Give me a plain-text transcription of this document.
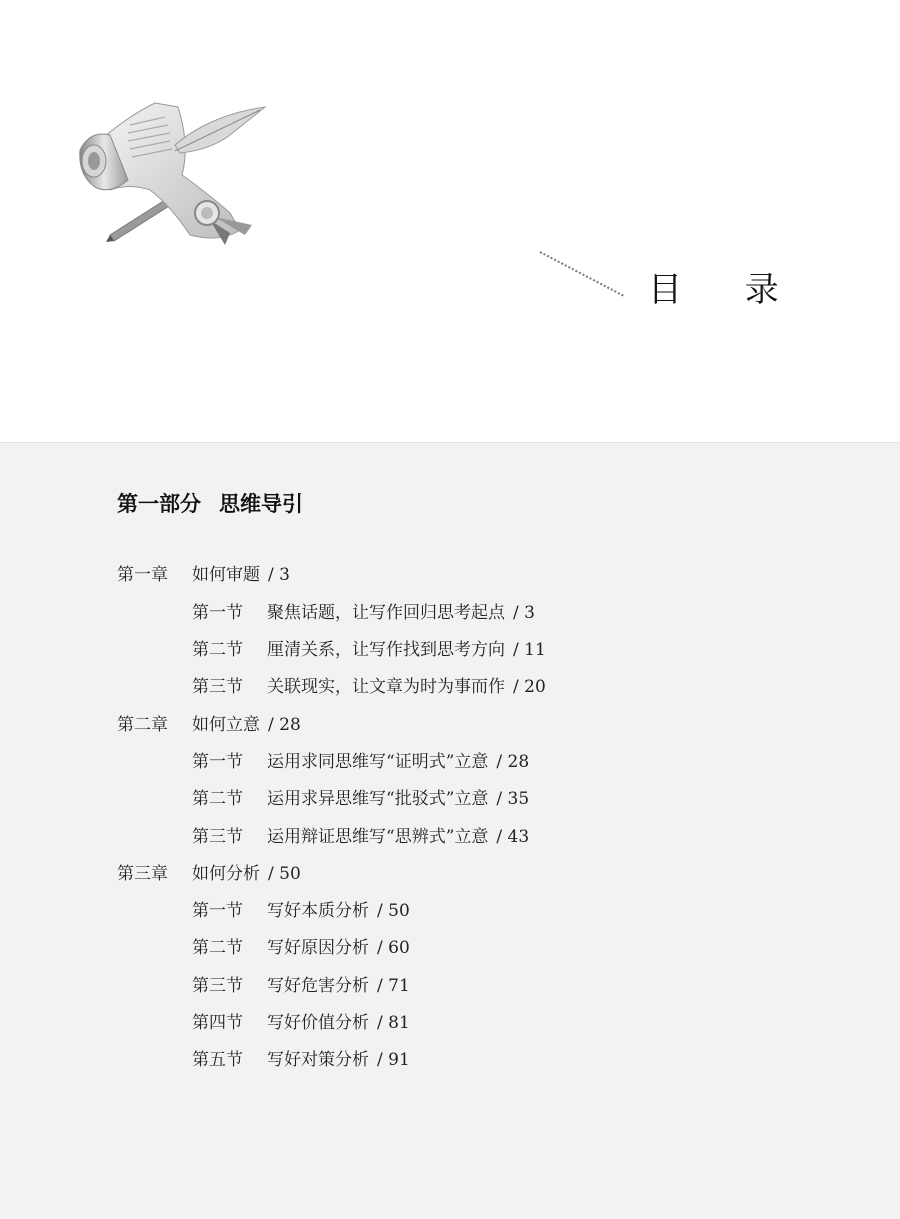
目 录
第一部分 思维导引
第一章 如何审题 / 3
第一节 聚焦话题，让写作回归思考起点 / 3
第二节 厘清关系，让写作找到思考方向 / 11
第三节 关联现实，让文章为时为事而作 / 20
第二章 如何立意 / 28
第一节 运用求同思维写“证明式”立意 / 28
第二节 运用求异思维写“批驳式”立意 / 35
第三节 运用辩证思维写“思辨式”立意 / 43
第三章 如何分析 / 50
第一节 写好本质分析 / 50
第二节 写好原因分析 / 60
第三节 写好危害分析 / 71
第四节 写好价值分析 / 81
第五节 写好对策分析 / 91
